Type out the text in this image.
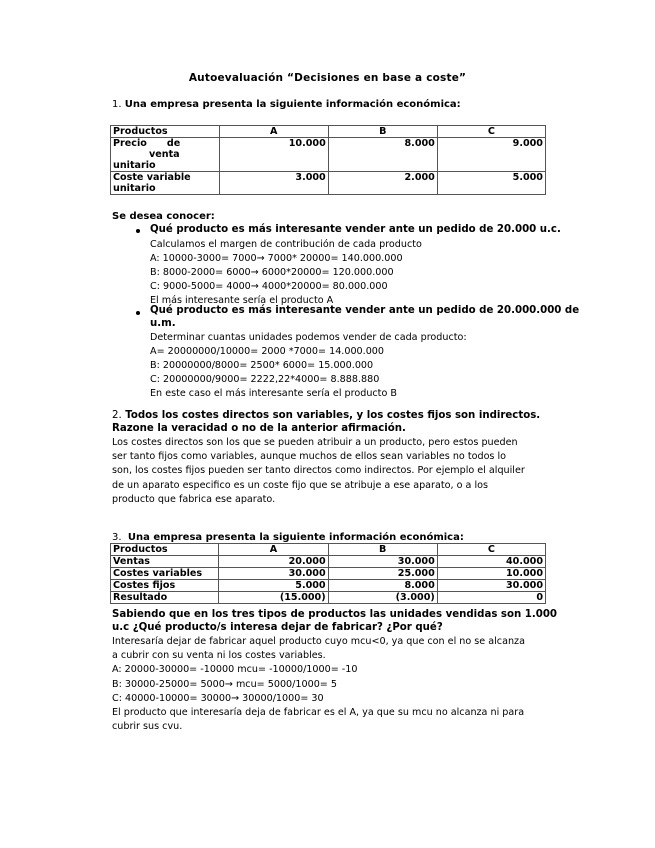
Autoevaluación “Decisiones en base a coste”
1. Una empresa presenta la siguiente información económica:
Productos	A	B	C

Precio      de
venta
unitario	10.000	8.000	9.000

Coste variable
unitario	3.000	2.000	5.000
Se desea conocer:
Qué producto es más interesante vender ante un pedido de 20.000 u.c.
Calculamos el margen de contribución de cada producto
A: 10000-3000= 7000→ 7000* 20000= 140.000.000
B: 8000-2000= 6000→ 6000*20000= 120.000.000
C: 9000-5000= 4000→ 4000*20000= 80.000.000
El más interesante sería el producto A
Qué producto es más interesante vender ante un pedido de 20.000.000 de
u.m.
Determinar cuantas unidades podemos vender de cada producto:
A= 20000000/10000= 2000 *7000= 14.000.000
B: 20000000/8000= 2500* 6000= 15.000.000
C: 20000000/9000= 2222,22*4000= 8.888.880
En este caso el más interesante sería el producto B
2. Todos los costes directos son variables, y los costes fijos son indirectos.
Razone la veracidad o no de la anterior afirmación.
Los costes directos son los que se pueden atribuir a un producto, pero estos pueden
ser tanto fijos como variables, aunque muchos de ellos sean variables no todos lo
son, los costes fijos pueden ser tanto directos como indirectos. Por ejemplo el alquiler
de un aparato especifico es un coste fijo que se atribuje a ese aparato, o a los
producto que fabrica ese aparato.
3. Una empresa presenta la siguiente información económica:
Productos	A	B	C
Ventas	20.000	30.000	40.000
Costes variables	30.000	25.000	10.000
Costes fijos	5.000	8.000	30.000
Resultado	(15.000)	(3.000)	0
Sabiendo que en los tres tipos de productos las unidades vendidas son 1.000
u.c ¿Qué producto/s interesa dejar de fabricar? ¿Por qué?
Interesaría dejar de fabricar aquel producto cuyo mcu<0, ya que con el no se alcanza
a cubrir con su venta ni los costes variables.
A: 20000-30000= -10000 mcu= -10000/1000= -10
B: 30000-25000= 5000→ mcu= 5000/1000= 5
C: 40000-10000= 30000→ 30000/1000= 30
El producto que interesaría deja de fabricar es el A, ya que su mcu no alcanza ni para
cubrir sus cvu.
